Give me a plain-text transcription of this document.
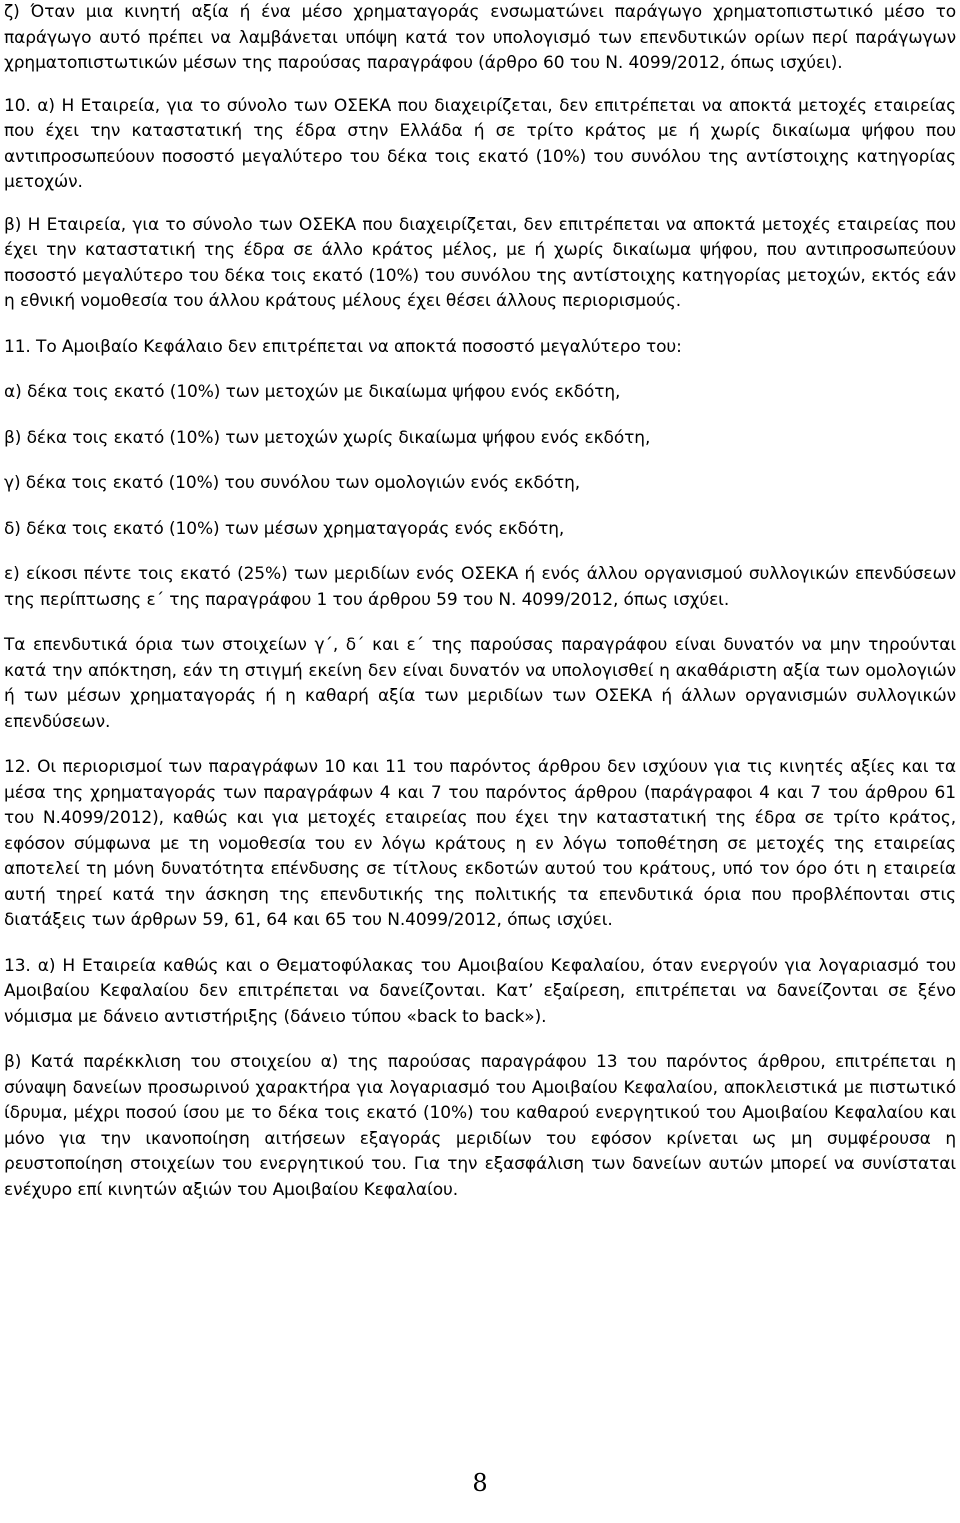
ζ) Όταν μια κινητή αξία ή ένα μέσο χρηματαγοράς ενσωματώνει παράγωγο χρηματοπιστωτικό μέσο το παράγωγο αυτό πρέπει να λαμβάνεται υπόψη κατά τον υπολογισμό των επενδυτικών ορίων περί παράγωγων χρηματοπιστωτικών μέσων της παρούσας παραγράφου (άρθρο 60 του Ν. 4099/2012, όπως ισχύει).

10. α) Η Εταιρεία, για το σύνολο των ΟΣΕΚΑ που διαχειρίζεται, δεν επιτρέπεται να αποκτά μετοχές εταιρείας που έχει την καταστατική της έδρα στην Ελλάδα ή σε τρίτο κράτος με ή χωρίς δικαίωμα ψήφου που αντιπροσωπεύουν ποσοστό μεγαλύτερο του δέκα τοις εκατό (10%) του συνόλου της αντίστοιχης κατηγορίας μετοχών.

β) Η Εταιρεία, για το σύνολο των ΟΣΕΚΑ που διαχειρίζεται, δεν επιτρέπεται να αποκτά μετοχές εταιρείας που έχει την καταστατική της έδρα σε άλλο κράτος μέλος, με ή χωρίς δικαίωμα ψήφου, που αντιπροσωπεύουν ποσοστό μεγαλύτερο του δέκα τοις εκατό (10%) του συνόλου της αντίστοιχης κατηγορίας μετοχών, εκτός εάν η εθνική νομοθεσία του άλλου κράτους μέλους έχει θέσει άλλους περιορισμούς.

11. Το Αμοιβαίο Κεφάλαιο δεν επιτρέπεται να αποκτά ποσοστό μεγαλύτερο του:

α) δέκα τοις εκατό (10%) των μετοχών με δικαίωμα ψήφου ενός εκδότη,

β) δέκα τοις εκατό (10%) των μετοχών χωρίς δικαίωμα ψήφου ενός εκδότη,

γ) δέκα τοις εκατό (10%) του συνόλου των ομολογιών ενός εκδότη,

δ) δέκα τοις εκατό (10%) των μέσων χρηματαγοράς ενός εκδότη,

ε) είκοσι πέντε τοις εκατό (25%) των μεριδίων ενός ΟΣΕΚΑ ή ενός άλλου οργανισμού συλλογικών επενδύσεων της περίπτωσης ε΄ της παραγράφου 1 του άρθρου 59 του Ν. 4099/2012, όπως ισχύει.

Τα επενδυτικά όρια των στοιχείων γ΄, δ΄ και ε΄ της παρούσας παραγράφου είναι δυνατόν να μην τηρούνται κατά την απόκτηση, εάν τη στιγμή εκείνη δεν είναι δυνατόν να υπολογισθεί η ακαθάριστη αξία των ομολογιών ή των μέσων χρηματαγοράς ή η καθαρή αξία των μεριδίων των ΟΣΕΚΑ ή άλλων οργανισμών συλλογικών επενδύσεων.

12. Οι περιορισμοί των παραγράφων 10 και 11 του παρόντος άρθρου δεν ισχύουν για τις κινητές αξίες και τα μέσα της χρηματαγοράς των παραγράφων 4 και 7 του παρόντος άρθρου (παράγραφοι 4 και 7 του άρθρου 61 του Ν.4099/2012), καθώς και για μετοχές εταιρείας που έχει την καταστατική της έδρα σε τρίτο κράτος, εφόσον σύμφωνα με τη νομοθεσία του εν λόγω κράτους η εν λόγω τοποθέτηση σε μετοχές της εταιρείας αποτελεί τη μόνη δυνατότητα επένδυσης σε τίτλους εκδοτών αυτού του κράτους, υπό τον όρο ότι η εταιρεία αυτή τηρεί κατά την άσκηση της επενδυτικής της πολιτικής τα επενδυτικά όρια που προβλέπονται στις διατάξεις των άρθρων 59, 61, 64 και 65 του Ν.4099/2012, όπως ισχύει.

13. α) Η Εταιρεία καθώς και ο Θεματοφύλακας του Αμοιβαίου Κεφαλαίου, όταν ενεργούν για λογαριασμό του Αμοιβαίου Κεφαλαίου δεν επιτρέπεται να δανείζονται. Κατ’ εξαίρεση, επιτρέπεται να δανείζονται σε ξένο νόμισμα με δάνειο αντιστήριξης (δάνειο τύπου «back to back»).

β) Κατά παρέκκλιση του στοιχείου α) της παρούσας παραγράφου 13 του παρόντος άρθρου, επιτρέπεται η σύναψη δανείων προσωρινού χαρακτήρα για λογαριασμό του Αμοιβαίου Κεφαλαίου, αποκλειστικά με πιστωτικό ίδρυμα, μέχρι ποσού ίσου με το δέκα τοις εκατό (10%) του καθαρού ενεργητικού του Αμοιβαίου Κεφαλαίου και μόνο για την ικανοποίηση αιτήσεων εξαγοράς μεριδίων του εφόσον κρίνεται ως μη συμφέρουσα η ρευστοποίηση στοιχείων του ενεργητικού του. Για την εξασφάλιση των δανείων αυτών μπορεί να συνίσταται ενέχυρο επί κινητών αξιών του Αμοιβαίου Κεφαλαίου.

8
